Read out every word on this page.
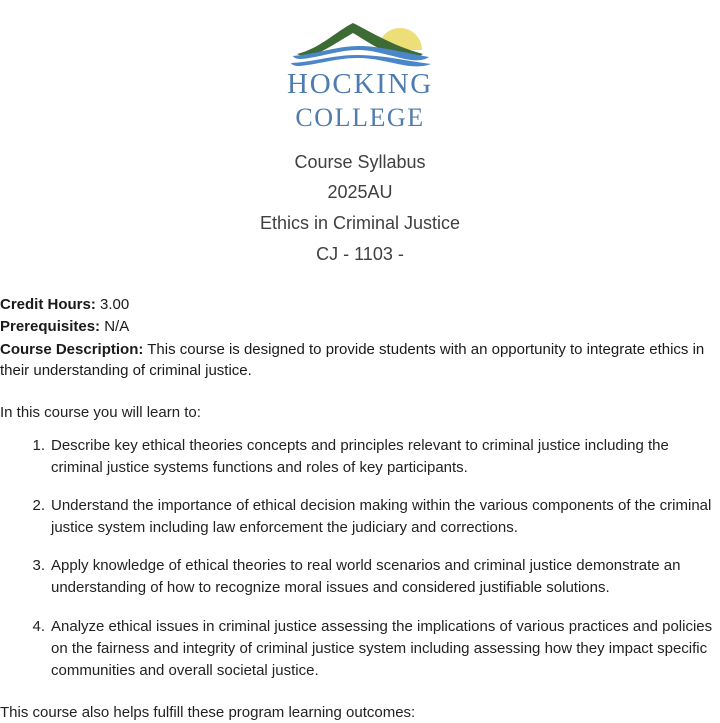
HOCKING
COLLEGE

Course Syllabus

2025AU

Ethics in Criminal Justice

CJ - 1103 -

Credit Hours: 3.00

Prerequisites: N/A

Course Description: This course is designed to provide students with an opportunity to integrate ethics in their understanding of criminal justice.

In this course you will learn to:

Describe key ethical theories concepts and principles relevant to criminal justice including the criminal justice systems functions and roles of key participants.
Understand the importance of ethical decision making within the various components of the criminal justice system including law enforcement the judiciary and corrections.
Apply knowledge of ethical theories to real world scenarios and criminal justice demonstrate an understanding of how to recognize moral issues and considered justifiable solutions.
Analyze ethical issues in criminal justice assessing the implications of various practices and policies on the fairness and integrity of criminal justice system including assessing how they impact specific communities and overall societal justice.

This course also helps fulfill these program learning outcomes:
